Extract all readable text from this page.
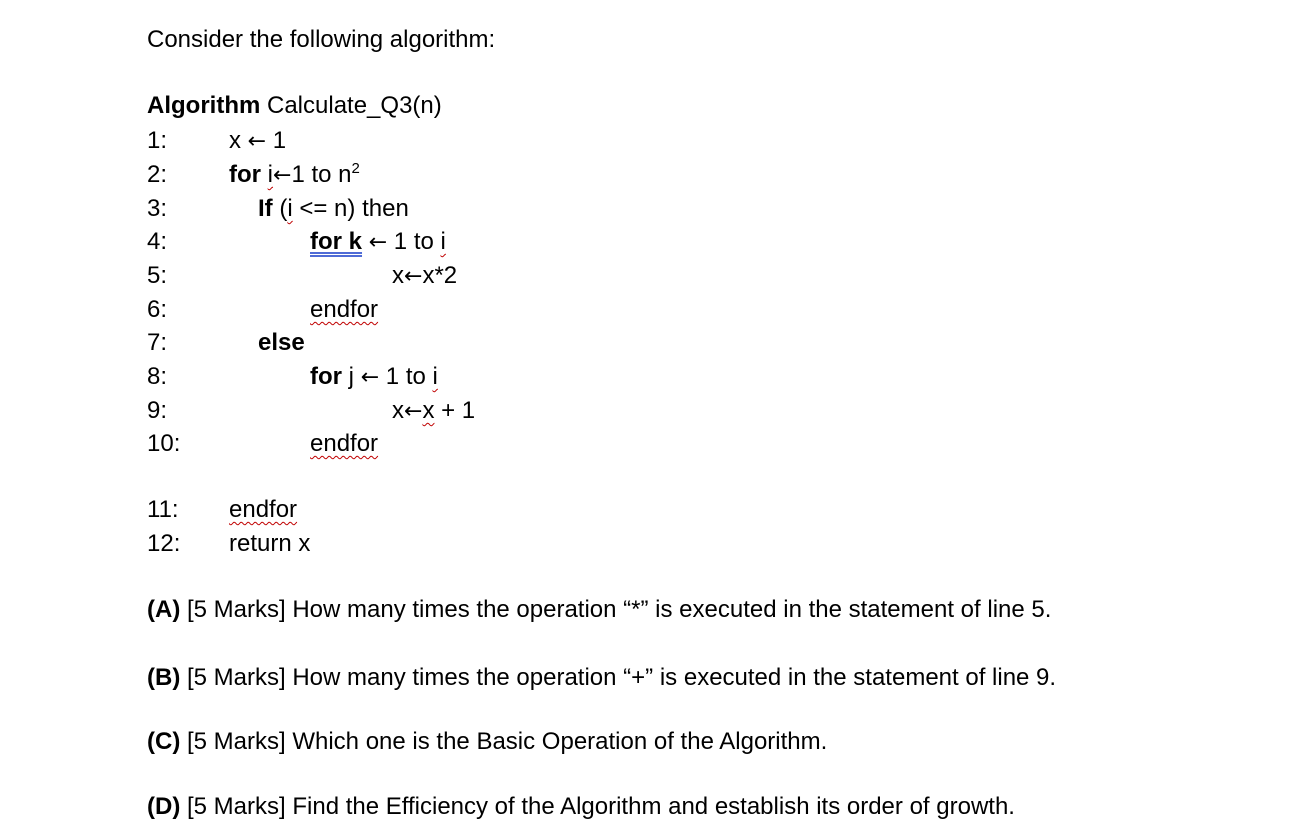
Consider the following algorithm:
Algorithm Calculate_Q3(n)
1:
2:
3:
4:
5:
6:
7:
8:
9:
10:
11:
12:
x ← 1
for i←1 to $n^2$
If (i <= n) then
for k ← 1 to i
x←x*2
endfor
else
for j ← 1 to i
x←x + 1
endfor
endfor
return x
(A) [5 Marks] How many times the operation “*” is executed in the statement of line 5.
(B) [5 Marks] How many times the operation “+” is executed in the statement of line 9.
(C) [5 Marks] Which one is the Basic Operation of the Algorithm.
(D) [5 Marks] Find the Efficiency of the Algorithm and establish its order of growth.
